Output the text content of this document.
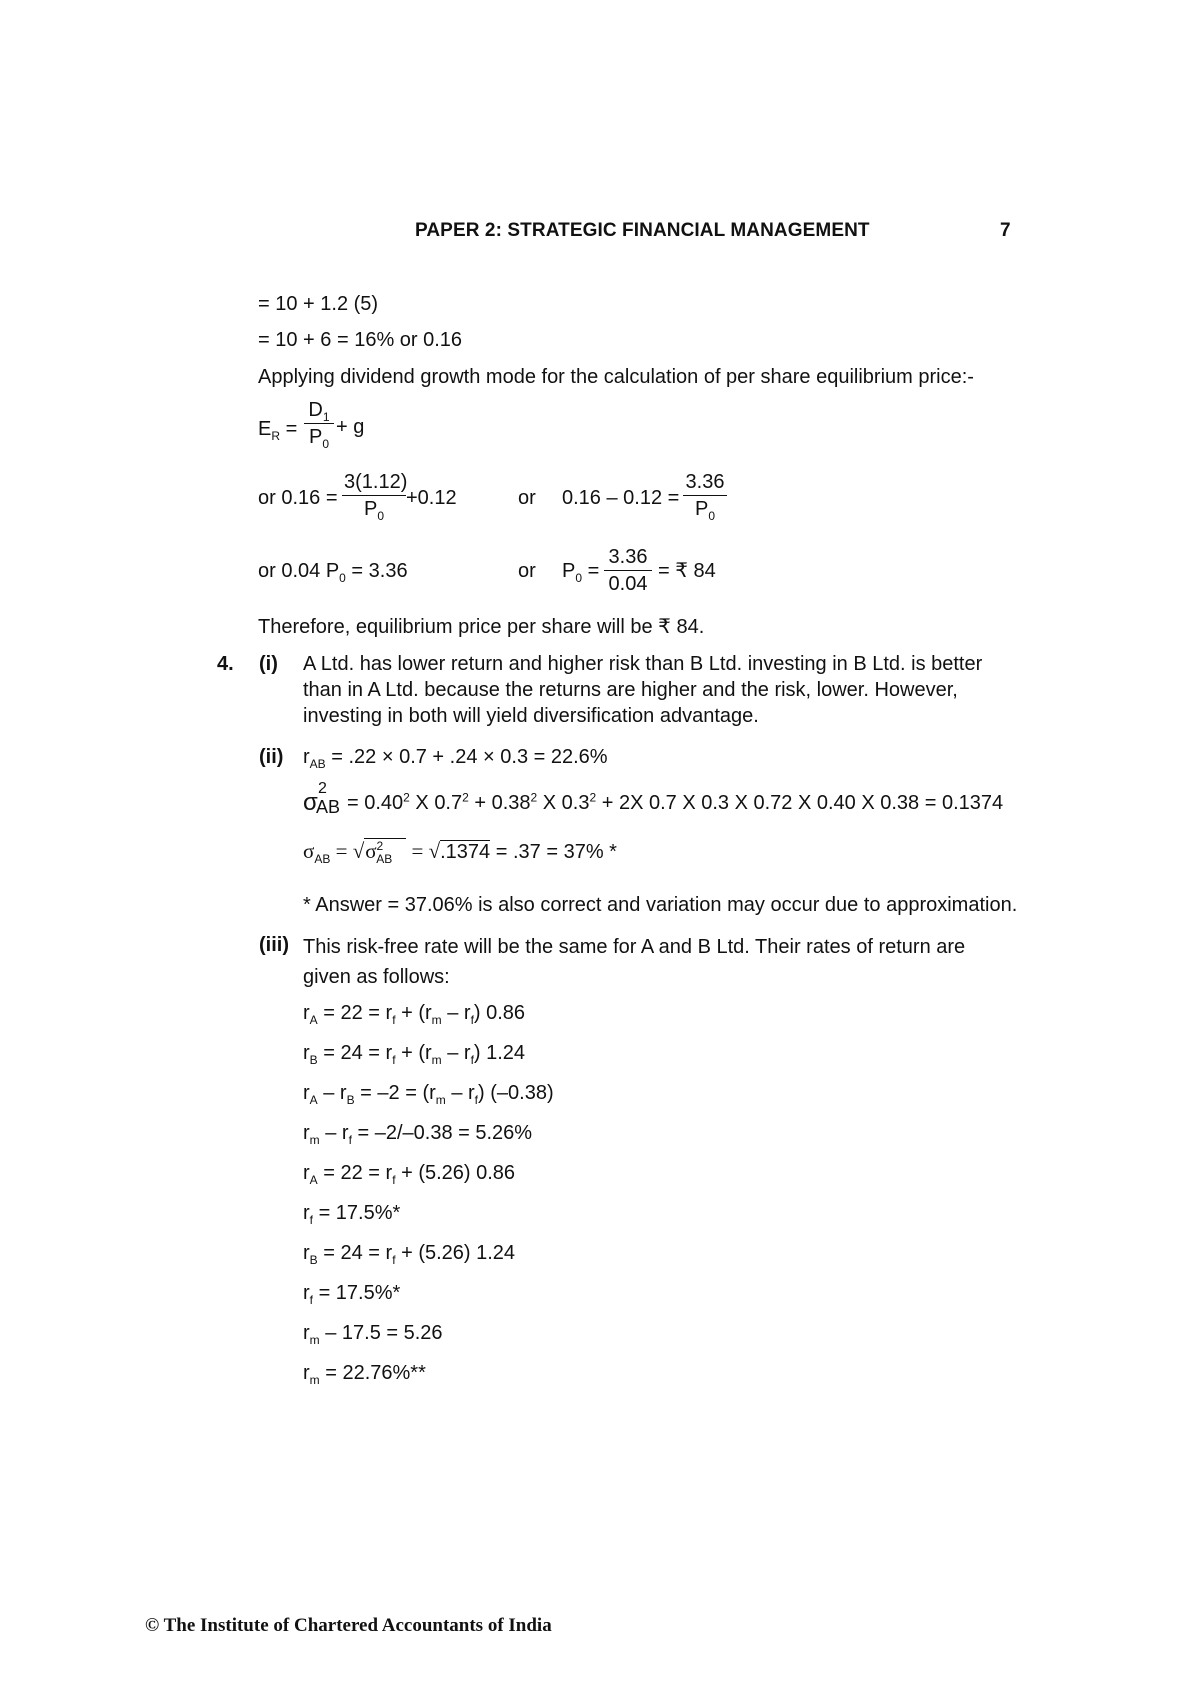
PAPER 2: STRATEGIC FINANCIAL MANAGEMENT	7
= 10 + 1.2 (5)
= 10 + 6 = 16% or 0.16
Applying dividend growth mode for the calculation of per share equilibrium price:-
$E_R$ =
$D_1$
$P_0$
+ g
or 0.16 =
3(1.12)
$P_0$
+0.12	or 0.16 – 0.12 =
3.36
$P_0$
or 0.04 $P_0 = 3.36$	or $P_0$ =
3.36
0.04
= ₹ 84
Therefore, equilibrium price per share will be ₹ 84.
4. (i) A Ltd. has lower return and higher risk than B Ltd. investing in B Ltd. is better than in A Ltd. because the returns are higher and the risk, lower. However, investing in both will yield diversification advantage.
(ii) $r_{AB} = .22 \times 0.7 + .24 \times 0.3 = 22.6\%$
σ
2
AB = $0.40^2$ X $0.7^2 + 0.38^2$ X $0.3^2 + 2X$ 0.7 X 0.3 X 0.72 X 0.40 X 0.38 = 0.1374
$\sigma_{AB} = √\sigma^2_{AB} = √.1374 = .37 = 37\%$ *
* Answer = 37.06% is also correct and variation may occur due to approximation.
(iii) This risk-free rate will be the same for A and B Ltd. Their rates of return are given as follows:
$r_A = 22 = r_f + (r_m - r_f)$ 0.86
$r_B = 24 = r_f + (r_m - r_f)$ 1.24
$r_A - r_B = -2 = (r_m - r_f)$ (–0.38)
$r_m - r_f = -2/-0.38 = 5.26\%$
$r_A = 22 = r_f + (5.26)$ 0.86
$r_f = 17.5\%*$
$r_B = 24 = r_f + (5.26)$ 1.24
$r_f = 17.5\%*$
$r_m - 17.5 = 5.26$
$r_m = 22.76\%**$
© The Institute of Chartered Accountants of India
